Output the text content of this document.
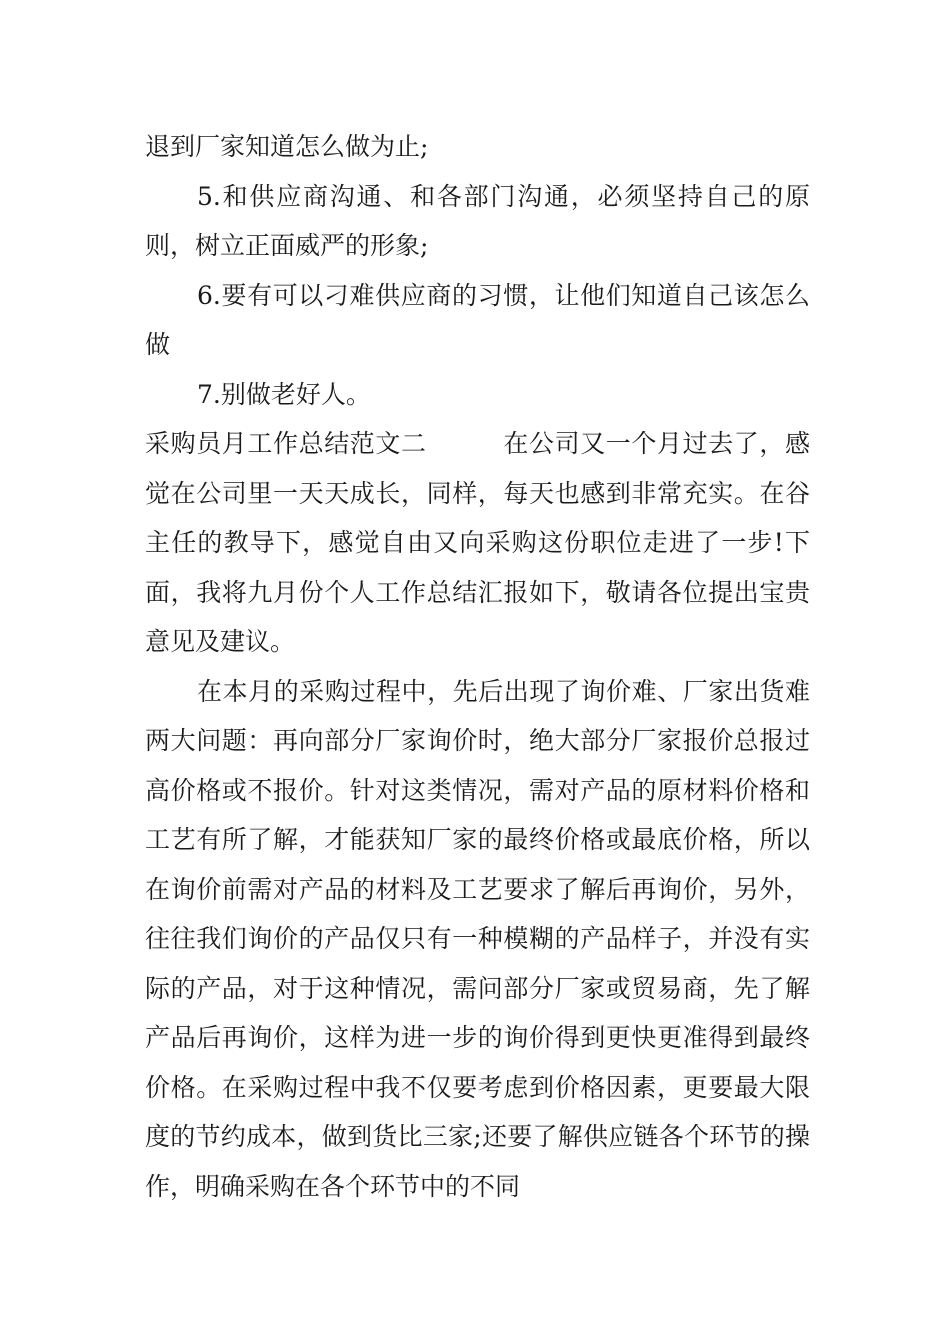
退到厂家知道怎么做为止;

5.和供应商沟通、和各部门沟通，必须坚持自己的原则，树立正面威严的形象;

6.要有可以刁难供应商的习惯，让他们知道自己该怎么做

7.别做老好人。

采购员月工作总结范文二　　　在公司又一个月过去了，感觉在公司里一天天成长，同样，每天也感到非常充实。在谷主任的教导下，感觉自由又向采购这份职位走进了一步!下面，我将九月份个人工作总结汇报如下，敬请各位提出宝贵意见及建议。

在本月的采购过程中，先后出现了询价难、厂家出货难两大问题：再向部分厂家询价时，绝大部分厂家报价总报过高价格或不报价。针对这类情况，需对产品的原材料价格和工艺有所了解，才能获知厂家的最终价格或最底价格，所以在询价前需对产品的材料及工艺要求了解后再询价，另外，往往我们询价的产品仅只有一种模糊的产品样子，并没有实际的产品，对于这种情况，需问部分厂家或贸易商，先了解产品后再询价，这样为进一步的询价得到更快更准得到最终价格。在采购过程中我不仅要考虑到价格因素，更要最大限度的节约成本，做到货比三家;还要了解供应链各个环节的操作，明确采购在各个环节中的不同
